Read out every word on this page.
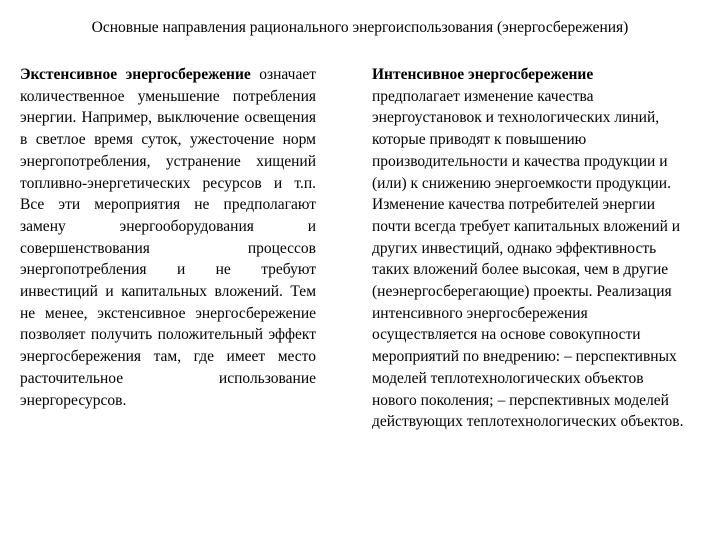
Основные направления рационального энергоиспользования (энергосбережения)

Экстенсивное энергосбережение означает количественное уменьшение потребления энергии. Например, выключение освещения в светлое время суток, ужесточение норм энергопотребления, устранение хищений топливно-энергетических ресурсов и т.п. Все эти мероприятия не предполагают замену энергооборудования и совершенствования процессов энергопотребления и не требуют инвестиций и капитальных вложений. Тем не менее, экстенсивное энергосбережение позволяет получить положительный эффект энергосбережения там, где имеет место расточительное использование энергоресурсов.

Интенсивное энергосбережение
предполагает изменение качества энергоустановок и технологических линий, которые приводят к повышению производительности и качества продукции и (или) к снижению энергоемкости продукции. Изменение качества потребителей энергии почти всегда требует капитальных вложений и других инвестиций, однако эффективность таких вложений более высокая, чем в другие (неэнергосберегающие) проекты. Реализация интенсивного энергосбережения осуществляется на основе совокупности мероприятий по внедрению: – перспективных моделей теплотехнологических объектов нового поколения; – перспективных моделей действующих теплотехнологических объектов.
